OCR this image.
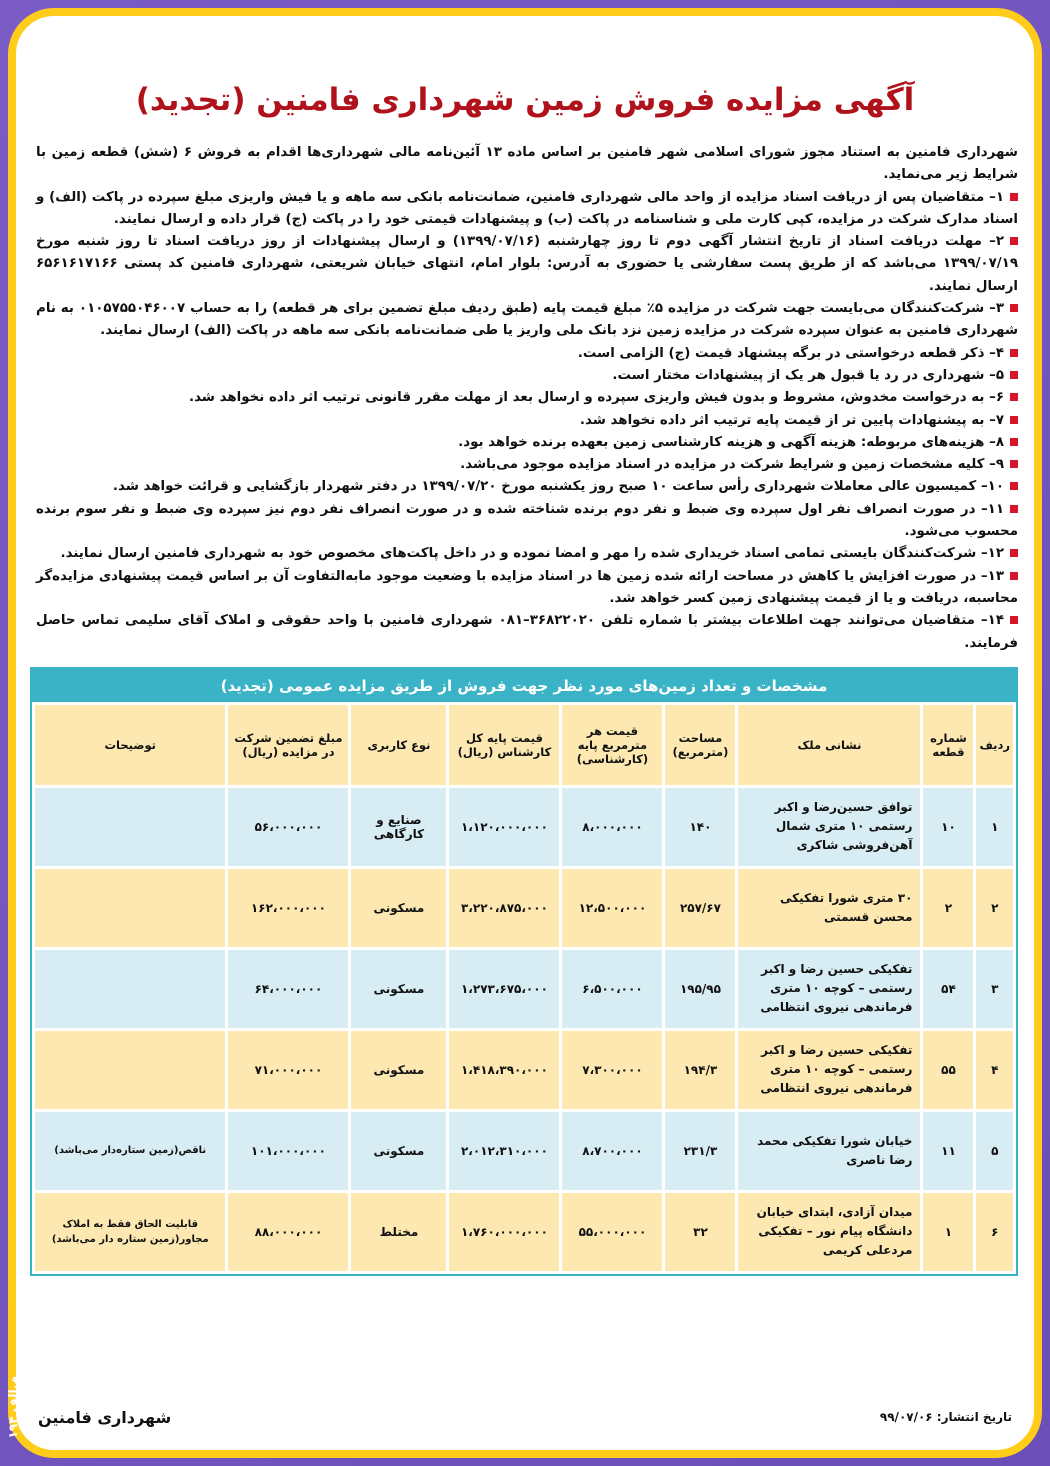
آگهی مزایده فروش زمین شهرداری فامنین (تجدید)

شهرداری فامنین به استناد مجوز شورای اسلامی شهر فامنین بر اساس ماده ۱۳ آئین‌نامه مالی شهرداری‌ها اقدام به فروش ۶ (شش) قطعه زمین با شرایط زیر می‌نماید.

۱– متقاضیان پس از دریافت اسناد مزایده از واحد مالی شهرداری فامنین، ضمانت‌نامه بانکی سه ماهه و یا فیش واریزی مبلغ سپرده در پاکت (الف) و اسناد مدارک شرکت در مزایده، کپی کارت ملی و شناسنامه در پاکت (ب) و پیشنهادات قیمتی خود را در پاکت (ج) قرار داده و ارسال نمایند.

۲– مهلت دریافت اسناد از تاریخ انتشار آگهی دوم تا روز چهارشنبه (۱۳۹۹/۰۷/۱۶) و ارسال پیشنهادات از روز دریافت اسناد تا روز شنبه مورخ ۱۳۹۹/۰۷/۱۹ می‌باشد که از طریق پست سفارشی یا حضوری به آدرس: بلوار امام، انتهای خیابان شریعتی، شهرداری فامنین کد پستی ۶۵۶۱۶۱۷۱۶۶ ارسال نمایند.

۳– شرکت‌کنندگان می‌بایست جهت شرکت در مزایده ۵٪ مبلغ قیمت پایه (طبق ردیف مبلغ تضمین برای هر قطعه) را به حساب ۰۱۰۵۷۵۵۰۴۶۰۰۷ به نام شهرداری فامنین به عنوان سپرده شرکت در مزایده زمین نزد بانک ملی واریز یا طی ضمانت‌نامه بانکی سه ماهه در پاکت (الف) ارسال نمایند.

۴– ذکر قطعه درخواستی در برگه پیشنهاد قیمت (ج) الزامی است.

۵– شهرداری در رد یا قبول هر یک از پیشنهادات مختار است.

۶– به درخواست مخدوش، مشروط و بدون فیش واریزی سپرده و ارسال بعد از مهلت مقرر قانونی ترتیب اثر داده نخواهد شد.

۷– به پیشنهادات پایین تر از قیمت پایه ترتیب اثر داده نخواهد شد.

۸– هزینه‌های مربوطه: هزینه آگهی و هزینه کارشناسی زمین بعهده برنده خواهد بود.

۹– کلیه مشخصات زمین و شرایط شرکت در مزایده در اسناد مزایده موجود می‌باشد.

۱۰– کمیسیون عالی معاملات شهرداری رأس ساعت ۱۰ صبح روز یکشنبه مورخ ۱۳۹۹/۰۷/۲۰ در دفتر شهردار بازگشایی و قرائت خواهد شد.

۱۱– در صورت انصراف نفر اول سپرده وی ضبط و نفر دوم برنده شناخته شده و در صورت انصراف نفر دوم نیز سپرده وی ضبط و نفر سوم برنده محسوب می‌شود.

۱۲– شرکت‌کنندگان بایستی تمامی اسناد خریداری شده را مهر و امضا نموده و در داخل پاکت‌های مخصوص خود به شهرداری فامنین ارسال نمایند.

۱۳– در صورت افزایش یا کاهش در مساحت ارائه شده زمین ها در اسناد مزایده با وضعیت موجود مابه‌التفاوت آن بر اساس قیمت پیشنهادی مزایده‌گر محاسبه، دریافت و یا از قیمت پیشنهادی زمین کسر خواهد شد.

۱۴– متقاضیان می‌توانند جهت اطلاعات بیشتر با شماره تلفن ۳۶۸۲۲۰۲۰–۰۸۱ شهرداری فامنین با واحد حقوقی و املاک آقای سلیمی تماس حاصل فرمایند.

مشخصات و تعداد زمین‌های مورد نظر جهت فروش از طریق مزایده عمومی (تجدید)
ردیف	شماره قطعه	نشانی ملک	مساحت (مترمربع)	قیمت هر مترمربع پایه (کارشناسی)	قیمت پایه کل کارشناس (ریال)	نوع کاربری	مبلغ تضمین شرکت در مزایده (ریال)	توضیحات
۱	۱۰	توافق حسین‌رضا و اکبر رستمی ۱۰ متری شمال آهن‌فروشی شاکری	۱۴۰	۸،۰۰۰،۰۰۰	۱،۱۲۰،۰۰۰،۰۰۰	صنایع و کارگاهی	۵۶،۰۰۰،۰۰۰	
۲	۲	۳۰ متری شورا تفکیکی محسن قسمتی	۲۵۷/۶۷	۱۲،۵۰۰،۰۰۰	۳،۲۲۰،۸۷۵،۰۰۰	مسکونی	۱۶۲،۰۰۰،۰۰۰	
۳	۵۴	تفکیکی حسین رضا و اکبر رستمی – کوچه ۱۰ متری فرماندهی نیروی انتظامی	۱۹۵/۹۵	۶،۵۰۰،۰۰۰	۱،۲۷۳،۶۷۵،۰۰۰	مسکونی	۶۴،۰۰۰،۰۰۰	
۴	۵۵	تفکیکی حسین رضا و اکبر رستمی – کوچه ۱۰ متری فرماندهی نیروی انتظامی	۱۹۴/۳	۷،۳۰۰،۰۰۰	۱،۴۱۸،۳۹۰،۰۰۰	مسکونی	۷۱،۰۰۰،۰۰۰	
۵	۱۱	خیابان شورا تفکیکی محمد رضا ناصری	۲۳۱/۳	۸،۷۰۰،۰۰۰	۲،۰۱۲،۳۱۰،۰۰۰	مسکونی	۱۰۱،۰۰۰،۰۰۰	ناقص(زمین ستاره‌دار می‌باشد)
۶	۱	میدان آزادی، ابتدای خیابان دانشگاه پیام نور – تفکیکی مردعلی کریمی	۳۲	۵۵،۰۰۰،۰۰۰	۱،۷۶۰،۰۰۰،۰۰۰	مختلط	۸۸،۰۰۰،۰۰۰	قابلیت الحاق فقط به املاک مجاور(زمین ستاره دار می‌باشد)
تاریخ انتشار: ۹۹/۰۷/۰۶
شهرداری فامنین
م.الف ۱۹۴
